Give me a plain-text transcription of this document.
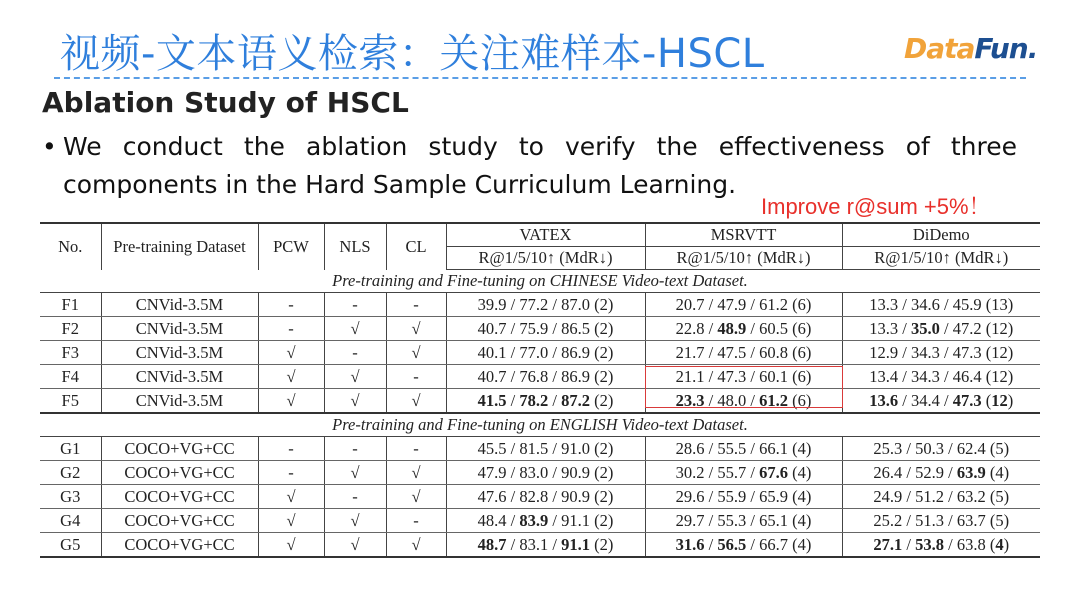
视频-文本语义检索：关注难样本-HSCL	DataFun.
Ablation Study of HSCL
• We conduct the ablation study to verify the effectiveness of three
components in the Hard Sample Curriculum Learning.
Improve r@sum +5%！
No.	Pre-training Dataset	PCW	NLS	CL	VATEX	MSRVTT	DiDemo
					R@1/5/10↑ (MdR↓)	R@1/5/10↑ (MdR↓)	R@1/5/10↑ (MdR↓)
Pre-training and Fine-tuning on CHINESE Video-text Dataset.							
F1	CNVid-3.5M	-	-	-	39.9 / 77.2 / 87.0 (2)	20.7 / 47.9 / 61.2 (6)	13.3 / 34.6 / 45.9 (13)
F2	CNVid-3.5M	-	√	√	40.7 / 75.9 / 86.5 (2)	22.8 / 48.9 / 60.5 (6)	13.3 / 35.0 / 47.2 (12)
F3	CNVid-3.5M	√	-	√	40.1 / 77.0 / 86.9 (2)	21.7 / 47.5 / 60.8 (6)	12.9 / 34.3 / 47.3 (12)
F4	CNVid-3.5M	√	√	-	40.7 / 76.8 / 86.9 (2)	21.1 / 47.3 / 60.1 (6)	13.4 / 34.3 / 46.4 (12)
F5	CNVid-3.5M	√	√	√	41.5 / 78.2 / 87.2 (2)	23.3 / 48.0 / 61.2 (6)	13.6 / 34.4 / 47.3 (12)
Pre-training and Fine-tuning on ENGLISH Video-text Dataset.							
G1	COCO+VG+CC	-	-	-	45.5 / 81.5 / 91.0 (2)	28.6 / 55.5 / 66.1 (4)	25.3 / 50.3 / 62.4 (5)
G2	COCO+VG+CC	-	√	√	47.9 / 83.0 / 90.9 (2)	30.2 / 55.7 / 67.6 (4)	26.4 / 52.9 / 63.9 (4)
G3	COCO+VG+CC	√	-	√	47.6 / 82.8 / 90.9 (2)	29.6 / 55.9 / 65.9 (4)	24.9 / 51.2 / 63.2 (5)
G4	COCO+VG+CC	√	√	-	48.4 / 83.9 / 91.1 (2)	29.7 / 55.3 / 65.1 (4)	25.2 / 51.3 / 63.7 (5)
G5	COCO+VG+CC	√	√	√	48.7 / 83.1 / 91.1 (2)	31.6 / 56.5 / 66.7 (4)	27.1 / 53.8 / 63.8 (4)
